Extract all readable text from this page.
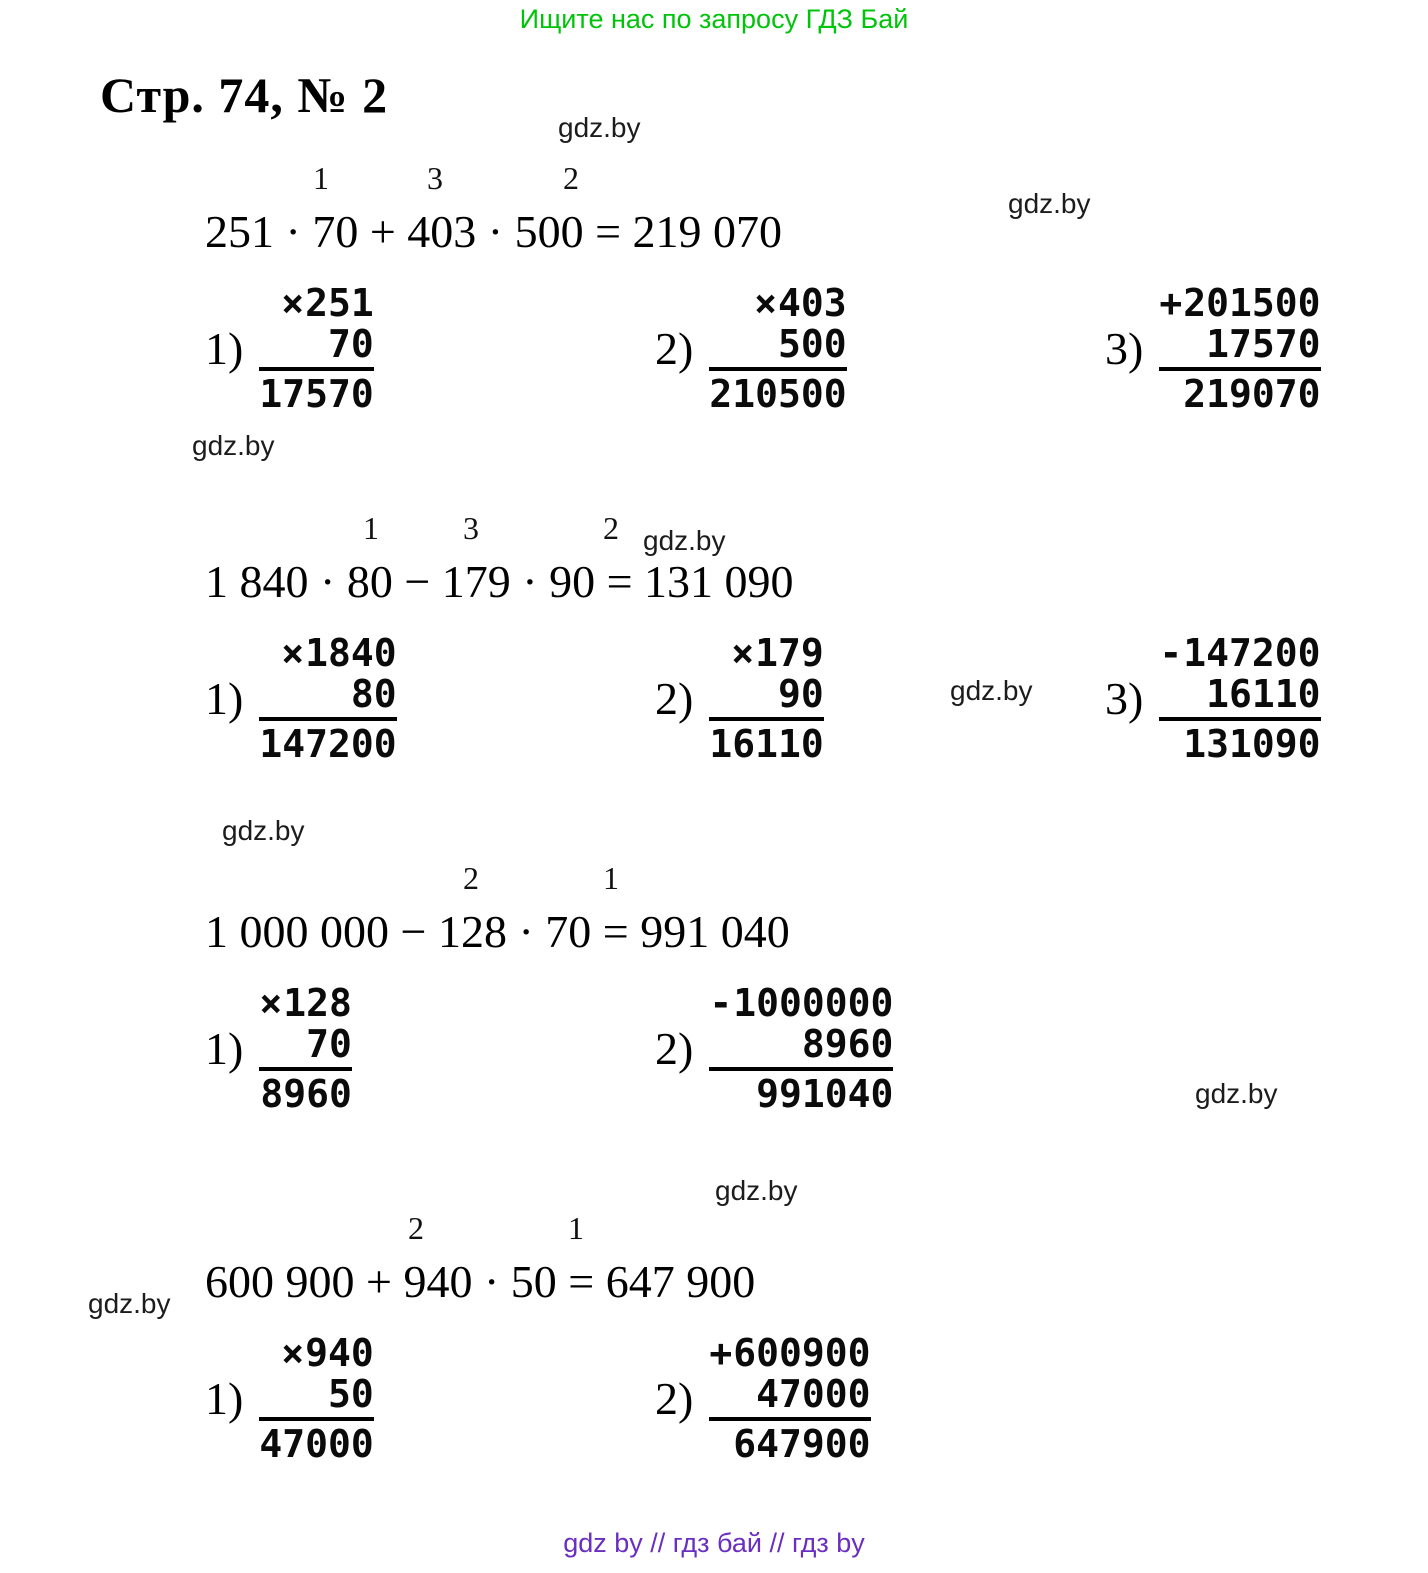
Ищите нас по запросу ГДЗ Бай
Стр. 74, № 2
gdz.by
gdz.by
gdz.by
gdz.by
gdz.by
gdz.by
gdz.by
gdz.by
gdz.by
1	3	2
251 · 70 + 403 · 500 = 219 070
1)
×251
70
17570
2)
×403
500
210500
3)
+201500
17570
219070
1	3	2
1 840 · 80 − 179 · 90 = 131 090
1)
×1840
80
147200
2)
×179
90
16110
3)
-147200
16110
131090
2	1
1 000 000 − 128 · 70 = 991 040
1)
×128
70
8960
2)
-1000000
8960
991040
2	1
600 900 + 940 · 50 = 647 900
1)
×940
50
47000
2)
+600900
47000
647900
gdz by // гдз бай // гдз by
